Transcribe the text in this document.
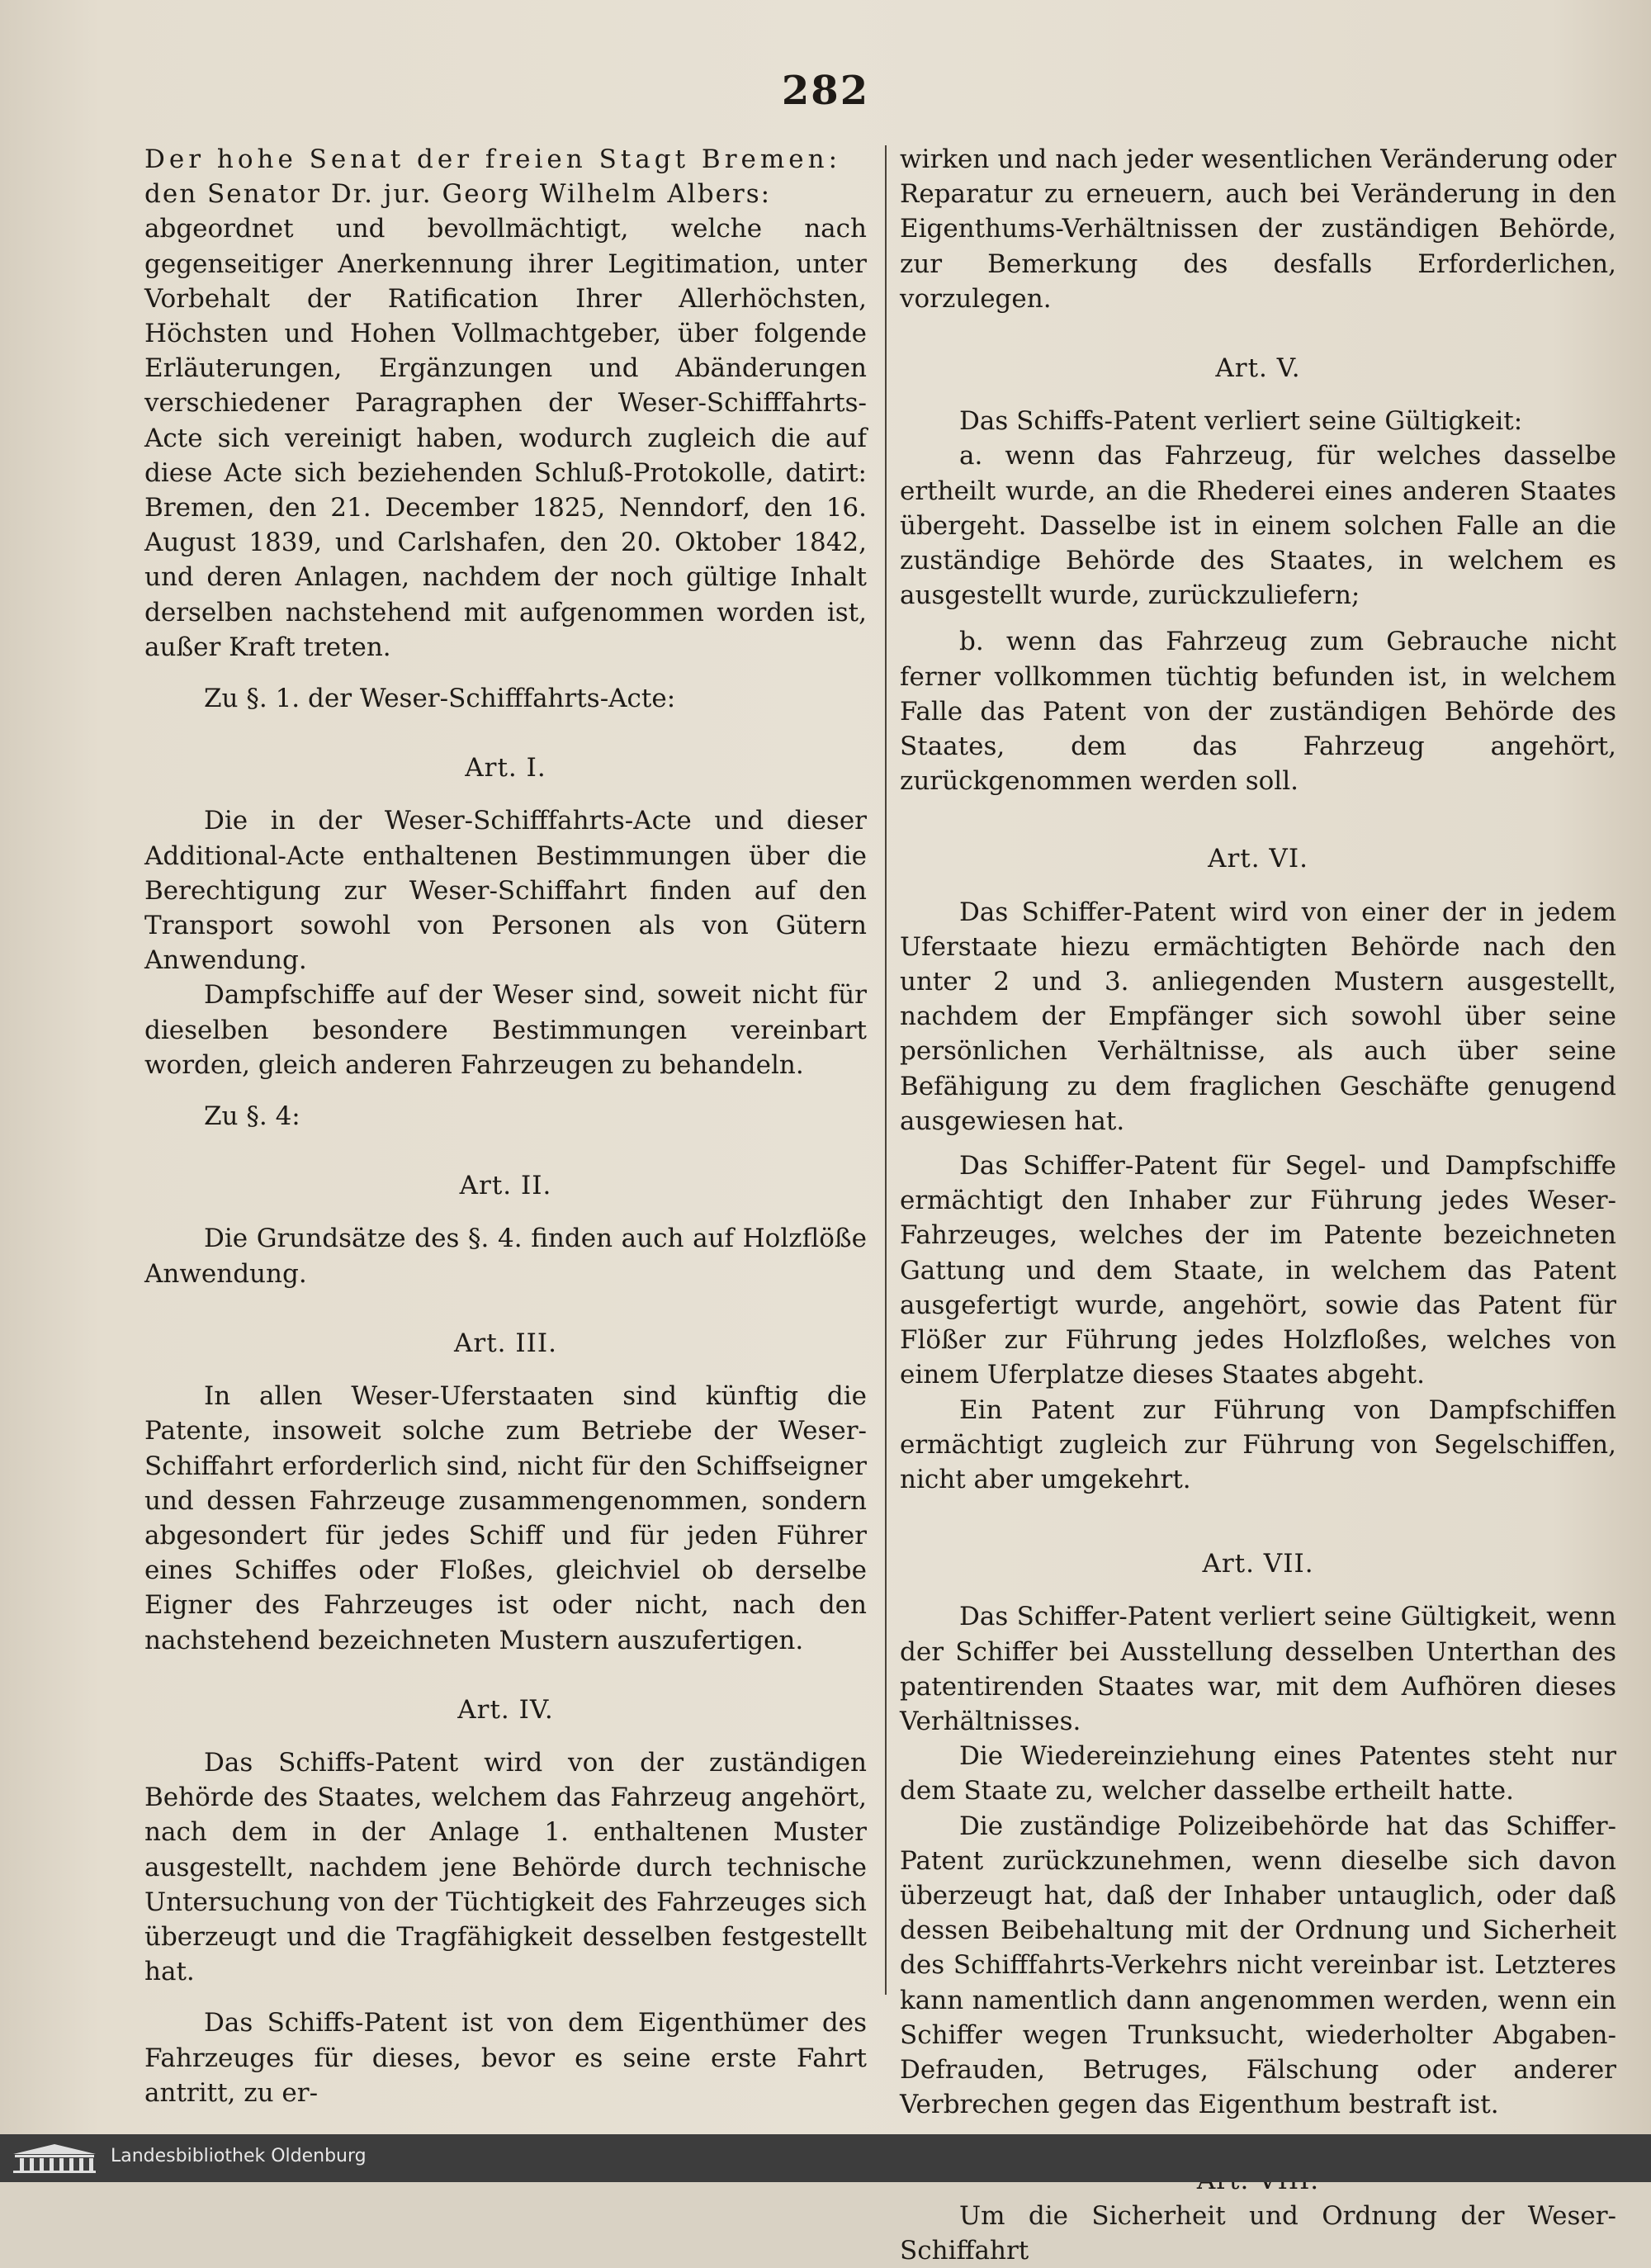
282

Der hohe Senat der freien Stagt Bremen:

den Senator Dr. jur. Georg Wilhelm Albers:

abgeordnet und bevollmächtigt, welche nach gegenseitiger Anerkennung ihrer Legitimation, unter Vorbehalt der Ratification Ihrer Allerhöchsten, Höchsten und Hohen Vollmachtgeber, über folgende Erläuterungen, Ergänzungen und Abänderungen verschiedener Paragraphen der Weser-Schifffahrts-Acte sich vereinigt haben, wodurch zugleich die auf diese Acte sich beziehenden Schluß-Protokolle, datirt: Bremen, den 21. December 1825, Nenndorf, den 16. August 1839, und Carlshafen, den 20. Oktober 1842, und deren Anlagen, nachdem der noch gültige Inhalt derselben nachstehend mit aufgenommen worden ist, außer Kraft treten.

Zu §. 1. der Weser-Schifffahrts-Acte:

Art. I.

Die in der Weser-Schifffahrts-Acte und dieser Additional-Acte enthaltenen Bestimmungen über die Berechtigung zur Weser-Schiffahrt finden auf den Transport sowohl von Personen als von Gütern Anwendung.

Dampfschiffe auf der Weser sind, soweit nicht für dieselben besondere Bestimmungen vereinbart worden, gleich anderen Fahrzeugen zu behandeln.

Zu §. 4:

Art. II.

Die Grundsätze des §. 4. finden auch auf Holzflöße Anwendung.

Art. III.

In allen Weser-Uferstaaten sind künftig die Patente, insoweit solche zum Betriebe der Weser-Schiffahrt erforderlich sind, nicht für den Schiffseigner und dessen Fahrzeuge zusammengenommen, sondern abgesondert für jedes Schiff und für jeden Führer eines Schiffes oder Floßes, gleichviel ob derselbe Eigner des Fahrzeuges ist oder nicht, nach den nachstehend bezeichneten Mustern auszufertigen.

Art. IV.

Das Schiffs-Patent wird von der zuständigen Behörde des Staates, welchem das Fahrzeug angehört, nach dem in der Anlage 1. enthaltenen Muster ausgestellt, nachdem jene Behörde durch technische Untersuchung von der Tüchtigkeit des Fahrzeuges sich überzeugt und die Tragfähigkeit desselben festgestellt hat.

Das Schiffs-Patent ist von dem Eigenthümer des Fahrzeuges für dieses, bevor es seine erste Fahrt antritt, zu er-

wirken und nach jeder wesentlichen Veränderung oder Reparatur zu erneuern, auch bei Veränderung in den Eigenthums-Verhältnissen der zuständigen Behörde, zur Bemerkung des desfalls Erforderlichen, vorzulegen.

Art. V.

Das Schiffs-Patent verliert seine Gültigkeit:

a. wenn das Fahrzeug, für welches dasselbe ertheilt wurde, an die Rhederei eines anderen Staates übergeht. Dasselbe ist in einem solchen Falle an die zuständige Behörde des Staates, in welchem es ausgestellt wurde, zurückzuliefern;

b. wenn das Fahrzeug zum Gebrauche nicht ferner vollkommen tüchtig befunden ist, in welchem Falle das Patent von der zuständigen Behörde des Staates, dem das Fahrzeug angehört, zurückgenommen werden soll.

Art. VI.

Das Schiffer-Patent wird von einer der in jedem Uferstaate hiezu ermächtigten Behörde nach den unter 2 und 3. anliegenden Mustern ausgestellt, nachdem der Empfänger sich sowohl über seine persönlichen Verhältnisse, als auch über seine Befähigung zu dem fraglichen Geschäfte genugend ausgewiesen hat.

Das Schiffer-Patent für Segel- und Dampfschiffe ermächtigt den Inhaber zur Führung jedes Weser-Fahrzeuges, welches der im Patente bezeichneten Gattung und dem Staate, in welchem das Patent ausgefertigt wurde, angehört, sowie das Patent für Flößer zur Führung jedes Holzfloßes, welches von einem Uferplatze dieses Staates abgeht.

Ein Patent zur Führung von Dampfschiffen ermächtigt zugleich zur Führung von Segelschiffen, nicht aber umgekehrt.

Art. VII.

Das Schiffer-Patent verliert seine Gültigkeit, wenn der Schiffer bei Ausstellung desselben Unterthan des patentirenden Staates war, mit dem Aufhören dieses Verhältnisses.

Die Wiedereinziehung eines Patentes steht nur dem Staate zu, welcher dasselbe ertheilt hatte.

Die zuständige Polizeibehörde hat das Schiffer-Patent zurückzunehmen, wenn dieselbe sich davon überzeugt hat, daß der Inhaber untauglich, oder daß dessen Beibehaltung mit der Ordnung und Sicherheit des Schifffahrts-Verkehrs nicht vereinbar ist. Letzteres kann namentlich dann angenommen werden, wenn ein Schiffer wegen Trunksucht, wiederholter Abgaben-Defrauden, Betruges, Fälschung oder anderer Verbrechen gegen das Eigenthum bestraft ist.

Um die Sicherheit und Ordnung der Weser-Schiffahrt

Landesbibliothek Oldenburg
